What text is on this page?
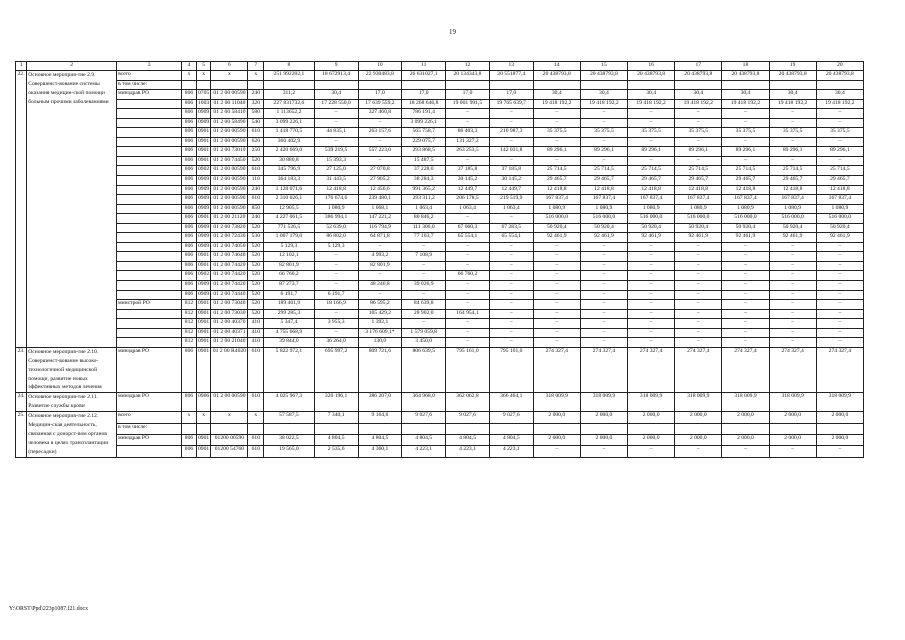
19
1	2	3	4	5	6	7	8	9	10	11	12	13	14	15	16	17	18	19	20
22.	Основное мероприя-тие 2.9. Совершенст-вование системы оказания медицин-ской помощи больным прочими заболеваниями	всего	x	x	x	x	251 992202,1	18 672913,4	22 930483,8	26 631027,1	20 134343,8	20 551877,4	20 438793,8	20 438793,8	20 438793,8	20 438793,8	20 438793,8	20 438793,8	20 438793,8
		в том числе:																	
		минздрав РО	806	0705	01 2 00 00590	240	311,2	30,4	17,0	17,0	17,0	17,0	30,4	30,4	30,4	30,4	30,4	30,4	30,4
			806	1003	01 2 00 11040	320	227 831732,6	17 228 550,0	17 639 559,2	18 268 646,8	19 001 991,5	19 765 639,7	19 418 192,2	19 418 192,2	19 418 192,2	19 418 192,2	19 418 192,2	19 418 192,2	19 418 192,2
			806	0909	01 2 00 58410	580	1 113652,2	–	327 460,8	786 191,4	–	–	–	–	–	–	–	–	–
			806	0909	01 2 00 58490	540	3 099 226,1	–	–	3 099 226,1	–	–	–	–	–	–	–	–	–
			806	0901	01 2 00 00590	610	1 418 770,5	44 835,1	263 157,6	565 758,7	86 403,3	210 987,3	35 375,5	35 375,5	35 375,5	35 375,5	35 375,5	35 375,5	35 375,5
			806	0901	01 2 00 00590	620	360 402,9	–	–	229 075,7	131 327,2	–	–	–	–	–	–	–	–
			806	0901	01 2 00 73010	250	2 420 669,0	539 219,5	557 223,0	293 868,5	263 253,5	142 031,8	89 296,1	89 296,1	89 296,1	89 296,1	89 296,1	89 296,1	89 296,1
			806	0901	01 2 00 74450	520	30 880,8	15 393,3	–	15 487,5	–	–	–	–	–	–	–	–	–
			806	0902	01 2 00 00590	610	345 796,9	27 125,0	27 070,8	37 228,0	37 185,8	37 185,8	25 714,5	25 714,5	25 714,5	25 714,5	25 714,5	25 714,5	25 714,5
			806	0909	01 2 00 00590	110	364 183,3	31 443,5	27 905,2	38 284,3	30 145,2	30 145,2	29 465,7	29 465,7	29 465,7	29 465,7	29 465,7	29 465,7	29 465,7
			806	0909	01 2 00 00590	240	1 128 071,6	12 418,8	12 456,6	991 365,2	12 449,7	12 449,7	12 418,8	12 418,8	12 418,8	12 418,8	12 418,8	12 418,8	12 418,8
			806	0909	01 2 00 00590	610	2 310 026,1	176 674,6	239 480,1	293 311,2	206 178,5	219 519,9	167 837,4	167 837,4	167 837,4	167 837,4	167 837,4	167 837,4	167 837,4
			806	0909	01 2 00 00590	850	12 905,5	1 080,9	1 068,1	1 063,4	1 063,4	1 063,4	1 080,9	1 080,9	1 080,9	1 080,9	1 080,9	1 080,9	1 080,9
			806	0901	01 2 00 21120	240	4 227 061,5	386 994,1	147 221,2	80 846,2	–	–	516 000,0	516 000,0	516 000,0	516 000,0	516 000,0	516 000,0	516 000,0
			806	0909	01 2 00 73820	520	771 526,5	52 639,0	116 794,9	111 306,0	67 060,3	67 283,5	50 920,4	50 920,4	50 920,4	50 920,4	50 920,4	50 920,4	50 920,4
			806	0909	01 2 00 72430	530	1 007 179,0	86 802,0	64 871,8	77 163,7	65 554,1	65 554,1	92 461,9	92 461,9	92 461,9	92 461,9	92 461,9	92 461,9	92 461,9
			806	0909	01 2 00 74050	520	5 129,3	5 129,3	–	–	–	–	–	–	–	–	–	–	–
			806	0901	01 2 00 74640	520	12 102,1	–	4 993,2	7 108,9	–	–	–	–	–	–	–	–	–
			806	0901	01 2 00 74420	520	82 801,9	–	82 801,9	–	–	–	–	–	–	–	–	–	–
			806	0902	01 2 00 74420	520	66 760,2	–	–	–	66 760,2	–	–	–	–	–	–	–	–
			806	0909	01 2 00 74420	520	87 273,7	–	48 246,8	39 026,9	–	–	–	–	–	–	–	–	–
			806	0909	01 2 00 74440	520	6 191,7	6 191,7	–	–	–	–	–	–	–	–	–	–	–
		минстрой РО	812	0901	01 2 00 73040	520	189 401,9	18 166,9	86 595,2	84 639,8	–	–	–	–	–	–	–	–	–
			812	0901	01 2 00 73030	520	299 285,3	–	105 429,2	28 902,0	164 954,1	–	–	–	–	–	–	–	–
			812	0901	01 2 00 40370	410	5 347,4	3 955,3	1 392,1	–	–	–	–	–	–	–	–	–	–
			812	0901	01 2 00 40371	410	4 755 668,9	–	3 176 609,1*	1 579 059,8	–	–	–	–	–	–	–	–	–
			812	0901	01 2 00 21040	410	39 844,0	36 264,0	130,0	3 450,0	–	–	–	–	–	–	–	–	–
23.	Основное мероприя-тие 2.10. Совершенст-вование высоко-технологичной медицинской помощи, развитие новых эффективных методов лечения	минздрав РО	806	0901	01 2 00 R4020	610	5 822 972,1	695 997,2	809 721,6	806 639,5	795 161,0	795 161,0	274 327,4	274 327,4	274 327,4	274 327,4	274 327,4	274 327,4	274 327,4
24.	Основное мероприя-тие 2.11. Развитие службы крови	минздрав РО	806	0906	01 2 00 00590	610	4 025 967,3	320 196,1	386 207,0	364 968,0	362 062,8	366 464,1	318 009,9	318 009,9	318 009,9	318 009,9	318 009,9	318 009,9	318 009,9
25.	Основное мероприя-тие 2.12. Медицин-ская деятельность, связанная с донорст-вом органов человека в целях трансплантации (пересадки)	всего	x	x	x	x	57 587,5	7 340,1	9 164,6	9 027,6	9 027,6	9 027,6	2 000,0	2 000,0	2 000,0	2 000,0	2 000,0	2 000,0	2 000,0
		в том числе:																	
		минздрав РО	806	0901	01200 00590	610	38 022,5	4 804,5	4 804,5	4 804,5	4 804,5	4 804,5	2 000,0	2 000,0	2 000,0	2 000,0	2 000,0	2 000,0	2 000,0
			806	0901	01200 54760	610	19 565,0	2 535,6	4 360,1	4 223,1	4 223,1	4 223,1	–	–	–	–	–	–	–
Y:\ORST\Ppd\223p1087.f21.docx
